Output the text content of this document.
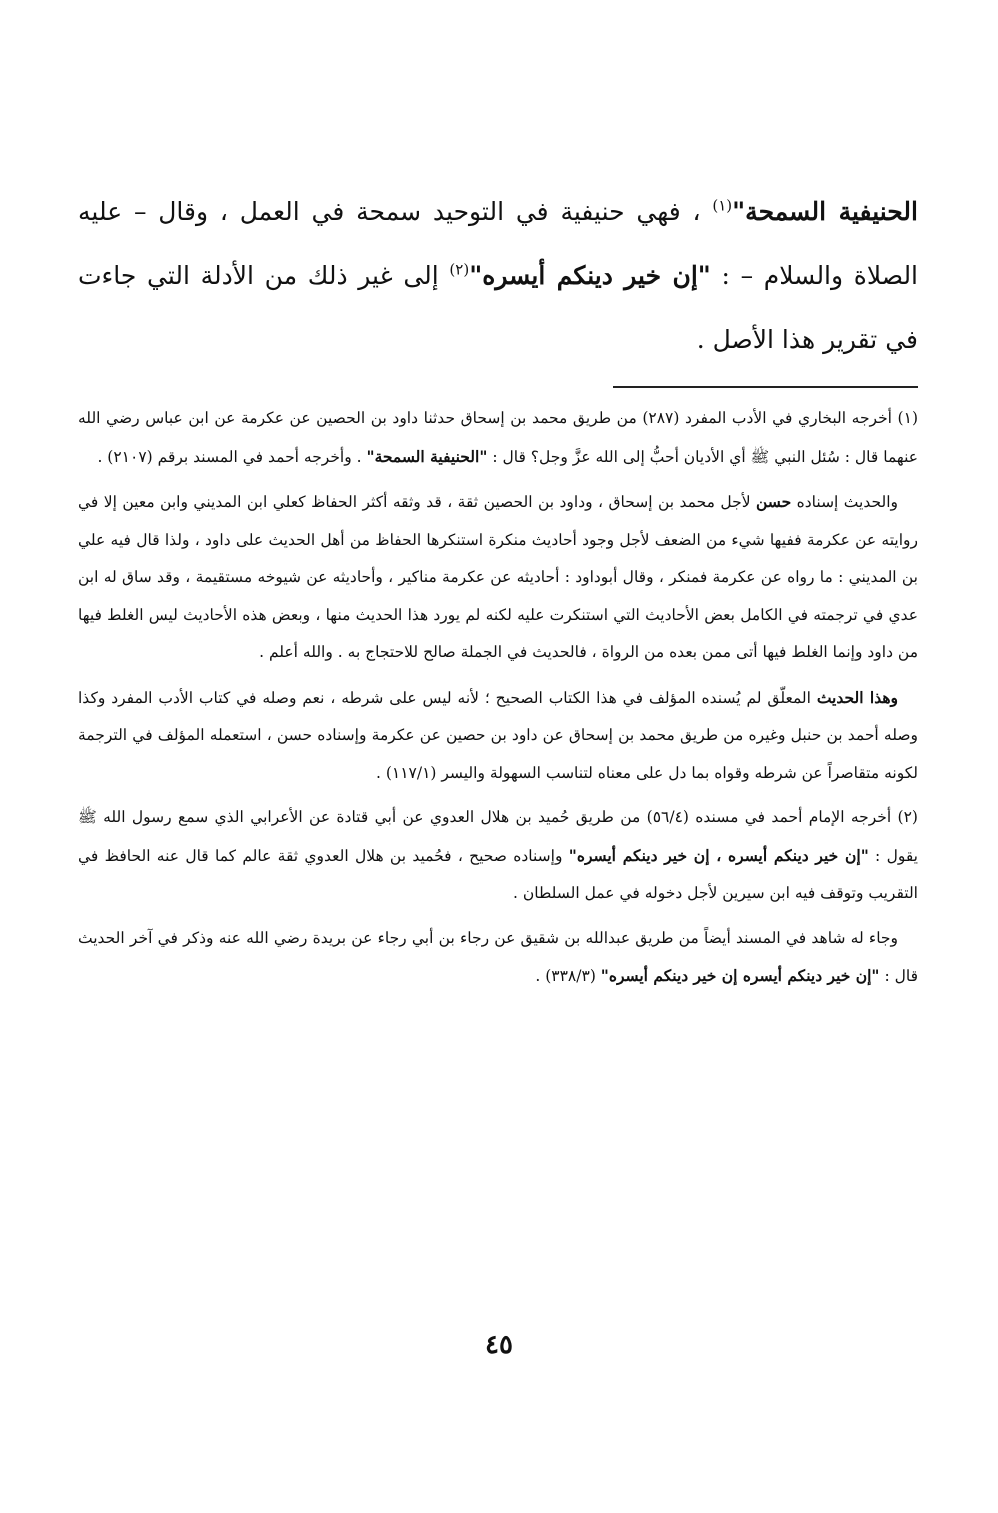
الحنيفية السمحة"$^{(١)}$ ، فهي حنيفية في التوحيد سمحة في العمل ، وقال – عليه الصلاة والسلام – : "إن خير دينكم أيسره"$^{(٢)}$ إلى غير ذلك من الأدلة التي جاءت في تقرير هذا الأصل .

(١) أخرجه البخاري في الأدب المفرد (٢٨٧) من طريق محمد بن إسحاق حدثنا داود بن الحصين عن عكرمة عن ابن عباس رضي الله عنهما قال : سُئل النبي ﷺ أي الأديان أحبُّ إلى الله عزَّ وجل؟ قال : "الحنيفية السمحة" . وأخرجه أحمد في المسند برقم (٢١٠٧) .

والحديث إسناده حسن لأجل محمد بن إسحاق ، وداود بن الحصين ثقة ، قد وثقه أكثر الحفاظ كعلي ابن المديني وابن معين إلا في روايته عن عكرمة ففيها شيء من الضعف لأجل وجود أحاديث منكرة استنكرها الحفاظ من أهل الحديث على داود ، ولذا قال فيه علي بن المديني : ما رواه عن عكرمة فمنكر ، وقال أبوداود : أحاديثه عن عكرمة مناكير ، وأحاديثه عن شيوخه مستقيمة ، وقد ساق له ابن عدي في ترجمته في الكامل بعض الأحاديث التي استنكرت عليه لكنه لم يورد هذا الحديث منها ، وبعض هذه الأحاديث ليس الغلط فيها من داود وإنما الغلط فيها أتى ممن بعده من الرواة ، فالحديث في الجملة صالح للاحتجاج به . والله أعلم .

وهذا الحديث المعلّق لم يُسنده المؤلف في هذا الكتاب الصحيح ؛ لأنه ليس على شرطه ، نعم وصله في كتاب الأدب المفرد وكذا وصله أحمد بن حنبل وغيره من طريق محمد بن إسحاق عن داود بن حصين عن عكرمة وإسناده حسن ، استعمله المؤلف في الترجمة لكونه متقاصراً عن شرطه وقواه بما دل على معناه لتناسب السهولة واليسر (١١٧/١) .

(٢) أخرجه الإمام أحمد في مسنده (٥٦/٤) من طريق حُميد بن هلال العدوي عن أبي قتادة عن الأعرابي الذي سمع رسول الله ﷺ يقول : "إن خير دينكم أيسره ، إن خير دينكم أيسره" وإسناده صحيح ، فحُميد بن هلال العدوي ثقة عالم كما قال عنه الحافظ في التقريب وتوقف فيه ابن سيرين لأجل دخوله في عمل السلطان .

وجاء له شاهد في المسند أيضاً من طريق عبدالله بن شقيق عن رجاء بن أبي رجاء عن بريدة رضي الله عنه وذكر في آخر الحديث قال : "إن خير دينكم أيسره إن خير دينكم أيسره" (٣٣٨/٣) .

٤٥
